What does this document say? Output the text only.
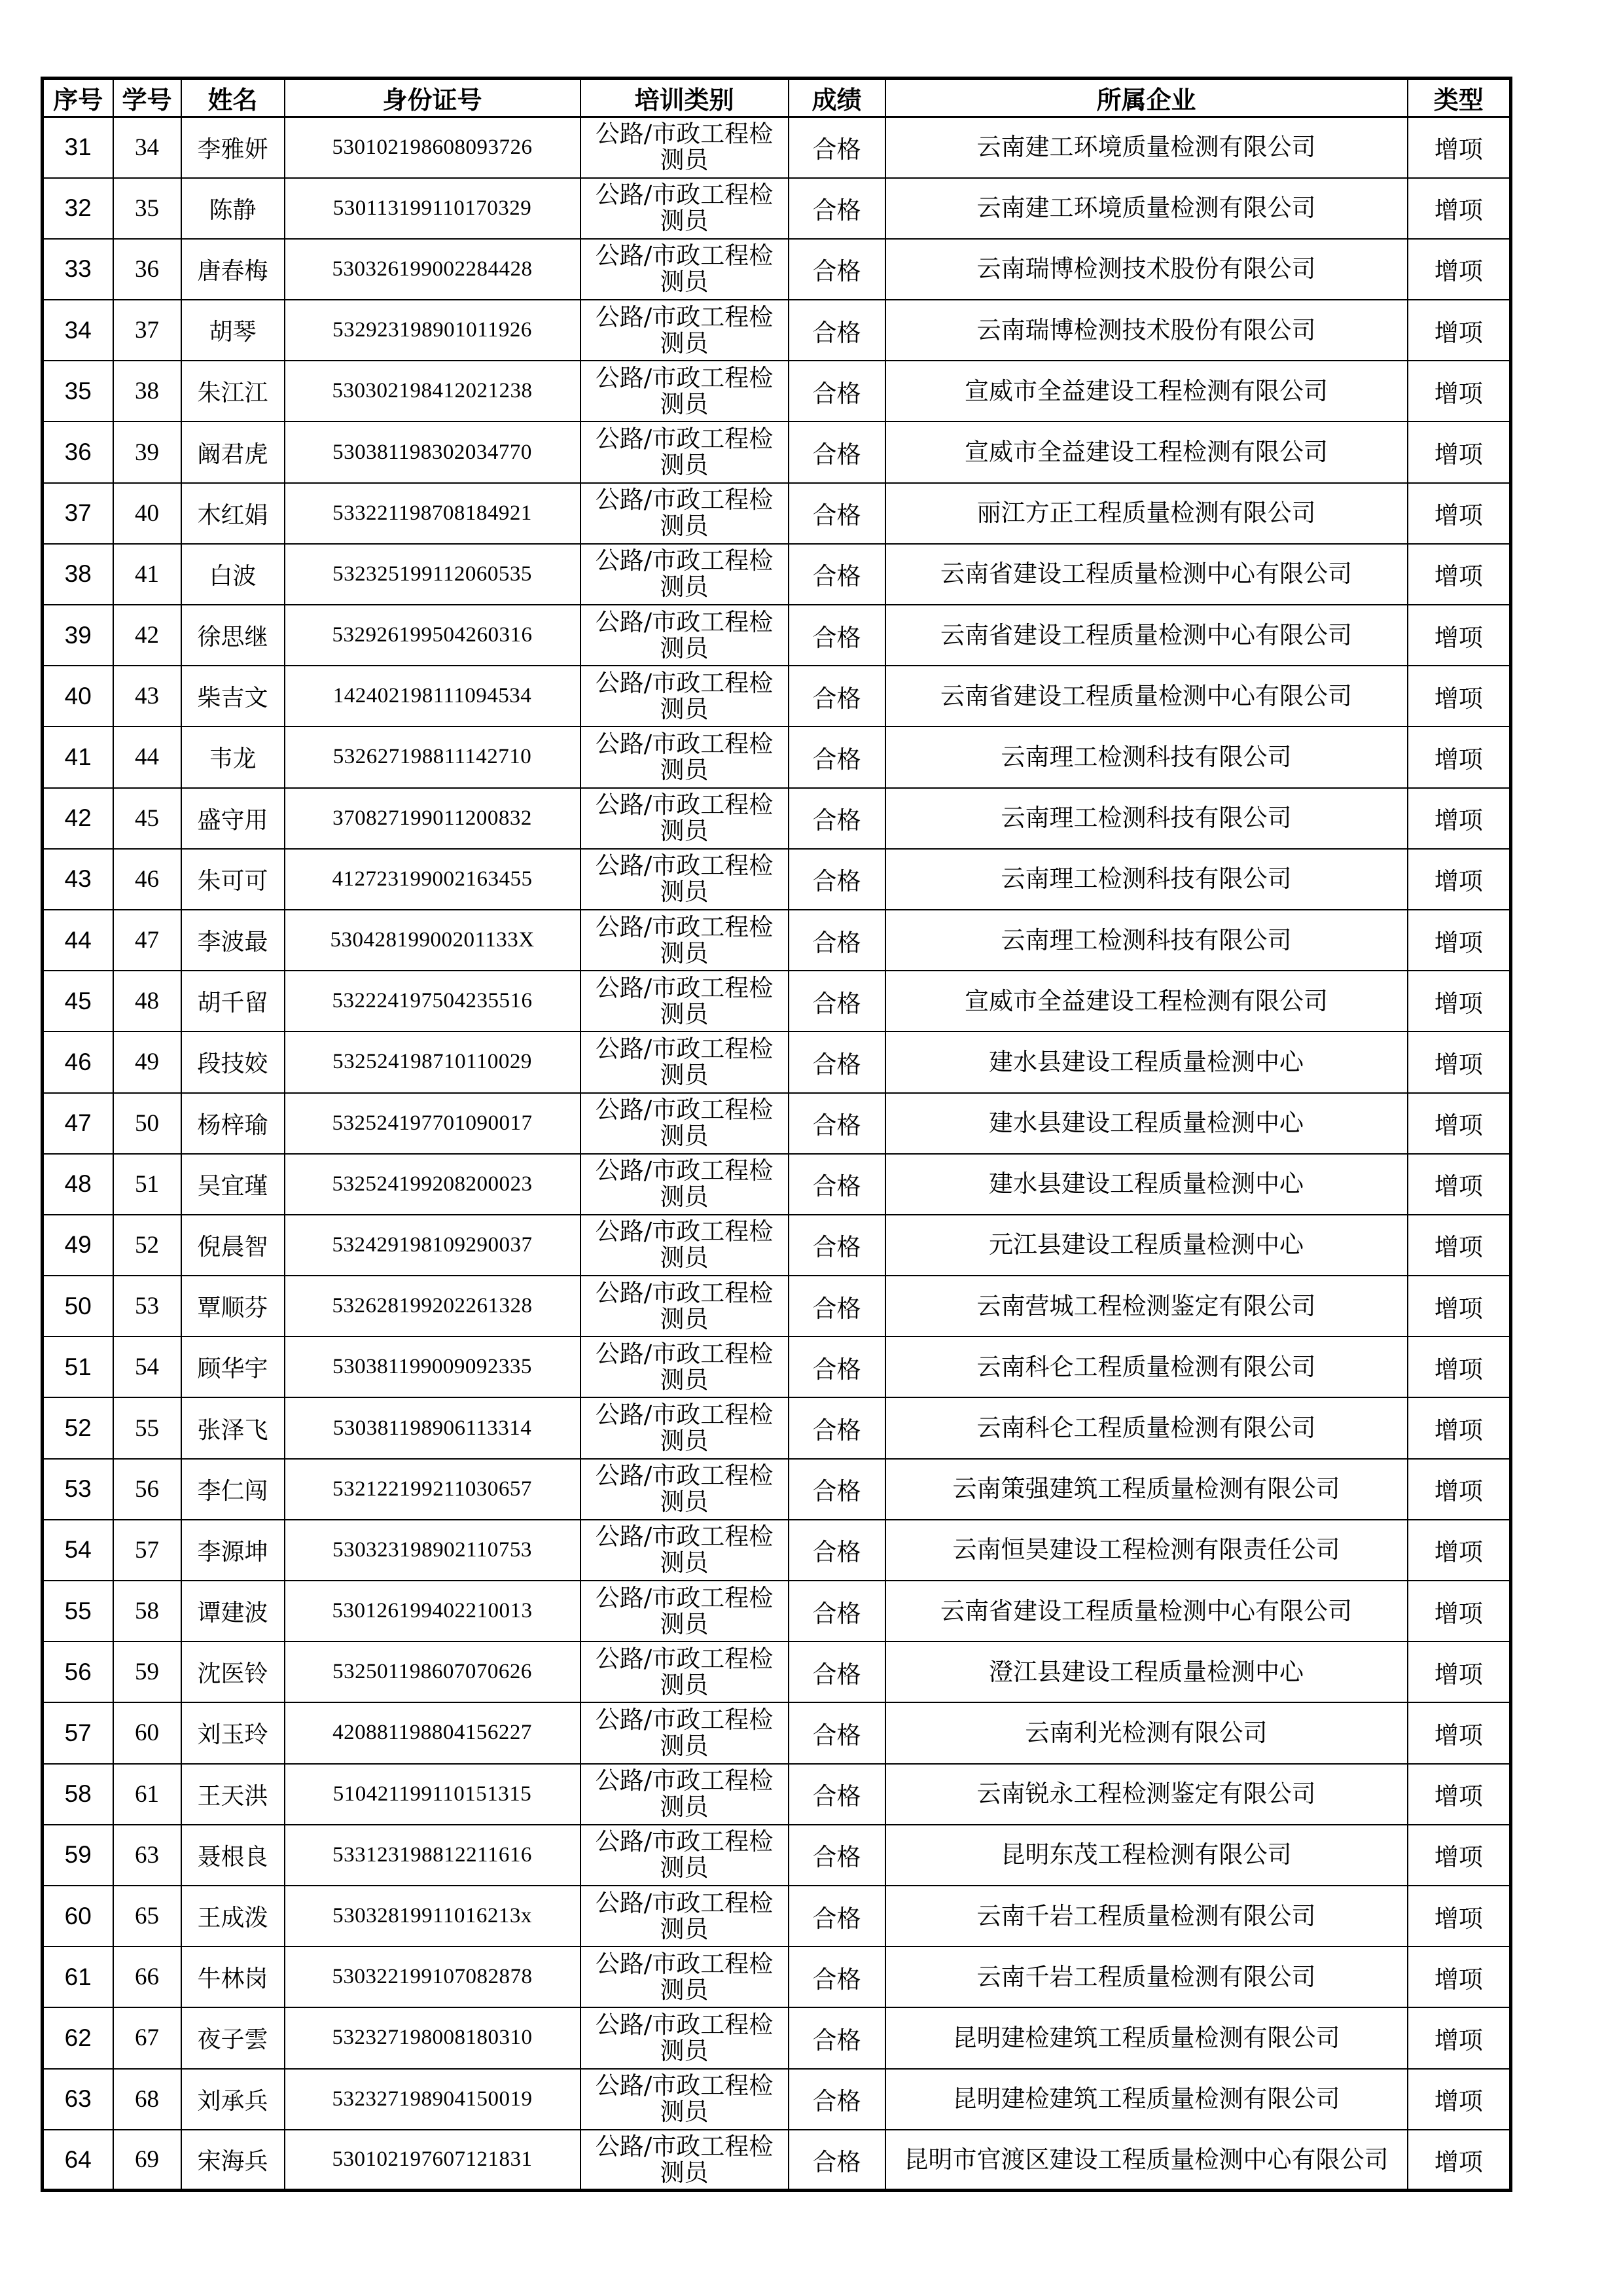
序号	学号	姓名	身份证号	培训类别	成绩	所属企业	类型
31	34	李雅妍	530102198608093726	公路/市政工程检测员	合格	云南建工环境质量检测有限公司	增项
32	35	陈静	530113199110170329	公路/市政工程检测员	合格	云南建工环境质量检测有限公司	增项
33	36	唐春梅	530326199002284428	公路/市政工程检测员	合格	云南瑞博检测技术股份有限公司	增项
34	37	胡琴	532923198901011926	公路/市政工程检测员	合格	云南瑞博检测技术股份有限公司	增项
35	38	朱江江	530302198412021238	公路/市政工程检测员	合格	宣威市全益建设工程检测有限公司	增项
36	39	阚君虎	530381198302034770	公路/市政工程检测员	合格	宣威市全益建设工程检测有限公司	增项
37	40	木红娟	533221198708184921	公路/市政工程检测员	合格	丽江方正工程质量检测有限公司	增项
38	41	白波	532325199112060535	公路/市政工程检测员	合格	云南省建设工程质量检测中心有限公司	增项
39	42	徐思继	532926199504260316	公路/市政工程检测员	合格	云南省建设工程质量检测中心有限公司	增项
40	43	柴吉文	142402198111094534	公路/市政工程检测员	合格	云南省建设工程质量检测中心有限公司	增项
41	44	韦龙	532627198811142710	公路/市政工程检测员	合格	云南理工检测科技有限公司	增项
42	45	盛守用	370827199011200832	公路/市政工程检测员	合格	云南理工检测科技有限公司	增项
43	46	朱可可	412723199002163455	公路/市政工程检测员	合格	云南理工检测科技有限公司	增项
44	47	李波最	53042819900201133X	公路/市政工程检测员	合格	云南理工检测科技有限公司	增项
45	48	胡千留	532224197504235516	公路/市政工程检测员	合格	宣威市全益建设工程检测有限公司	增项
46	49	段技姣	532524198710110029	公路/市政工程检测员	合格	建水县建设工程质量检测中心	增项
47	50	杨梓瑜	532524197701090017	公路/市政工程检测员	合格	建水县建设工程质量检测中心	增项
48	51	吴宜瑾	532524199208200023	公路/市政工程检测员	合格	建水县建设工程质量检测中心	增项
49	52	倪晨智	532429198109290037	公路/市政工程检测员	合格	元江县建设工程质量检测中心	增项
50	53	覃顺芬	532628199202261328	公路/市政工程检测员	合格	云南营城工程检测鉴定有限公司	增项
51	54	顾华宇	530381199009092335	公路/市政工程检测员	合格	云南科仑工程质量检测有限公司	增项
52	55	张泽飞	530381198906113314	公路/市政工程检测员	合格	云南科仑工程质量检测有限公司	增项
53	56	李仁闯	532122199211030657	公路/市政工程检测员	合格	云南策强建筑工程质量检测有限公司	增项
54	57	李源坤	530323198902110753	公路/市政工程检测员	合格	云南恒昊建设工程检测有限责任公司	增项
55	58	谭建波	530126199402210013	公路/市政工程检测员	合格	云南省建设工程质量检测中心有限公司	增项
56	59	沈医铃	532501198607070626	公路/市政工程检测员	合格	澄江县建设工程质量检测中心	增项
57	60	刘玉玲	420881198804156227	公路/市政工程检测员	合格	云南利光检测有限公司	增项
58	61	王天洪	510421199110151315	公路/市政工程检测员	合格	云南锐永工程检测鉴定有限公司	增项
59	63	聂根良	533123198812211616	公路/市政工程检测员	合格	昆明东茂工程检测有限公司	增项
60	65	王成泼	53032819911016213x	公路/市政工程检测员	合格	云南千岩工程质量检测有限公司	增项
61	66	牛林岗	530322199107082878	公路/市政工程检测员	合格	云南千岩工程质量检测有限公司	增项
62	67	夜子雲	532327198008180310	公路/市政工程检测员	合格	昆明建检建筑工程质量检测有限公司	增项
63	68	刘承兵	532327198904150019	公路/市政工程检测员	合格	昆明建检建筑工程质量检测有限公司	增项
64	69	宋海兵	530102197607121831	公路/市政工程检测员	合格	昆明市官渡区建设工程质量检测中心有限公司	增项
